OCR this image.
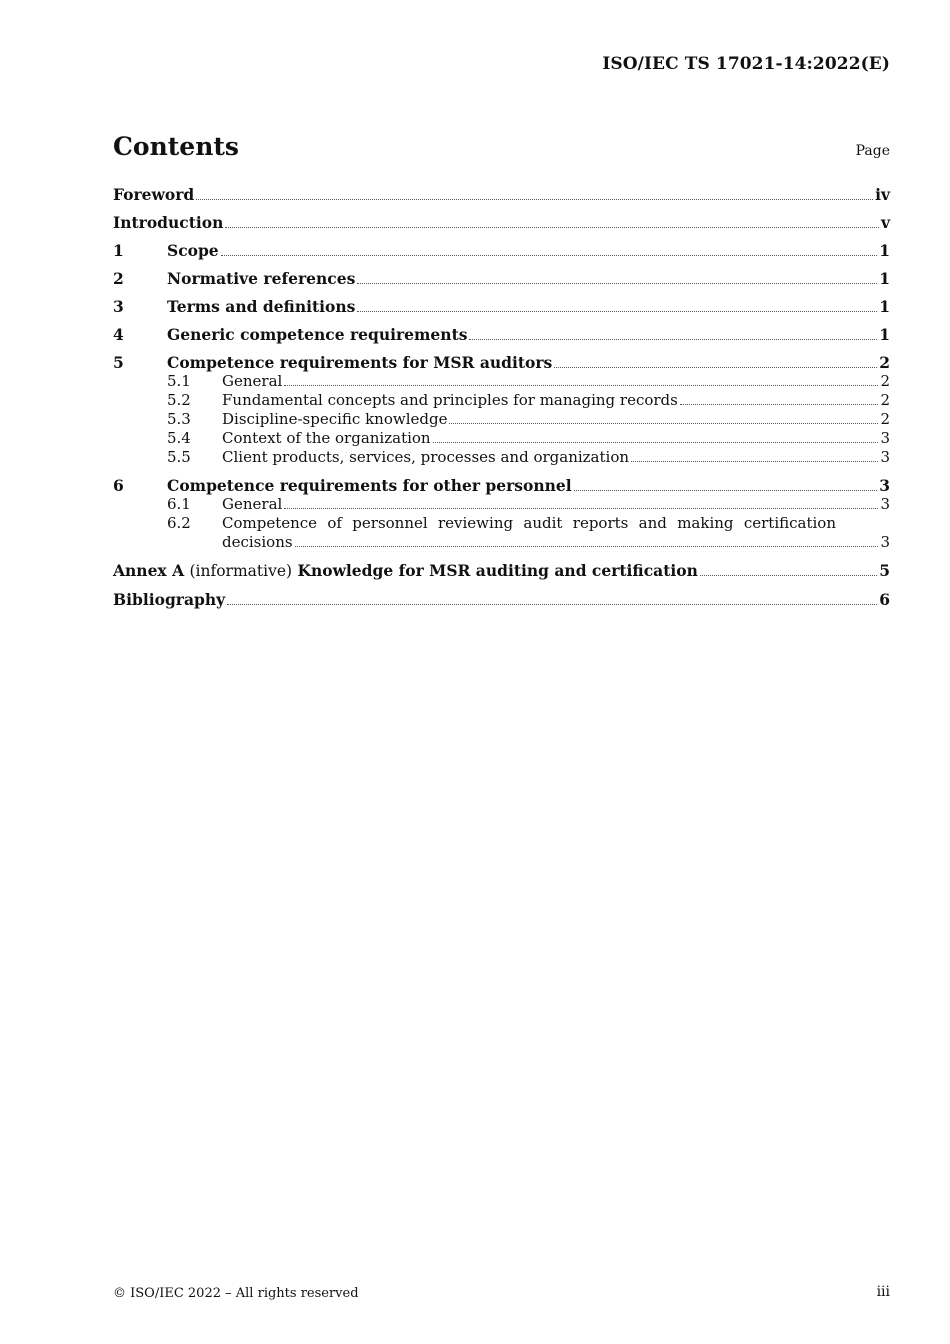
ISO/IEC TS 17021-14:2022(E)
Contents	Page
Foreword	iv
Introduction	v
1	Scope	1
2	Normative references	1
3	Terms and definitions	1
4	Generic competence requirements	1
5	Competence requirements for MSR auditors	2
5.1	General	2
5.2	Fundamental concepts and principles for managing records	2
5.3	Discipline-specific knowledge	2
5.4	Context of the organization	3
5.5	Client products, services, processes and organization	3
6	Competence requirements for other personnel	3
6.1	General	3
6.2	Competence of personnel reviewing audit reports and making certification
decisions	3
Annex A (informative) Knowledge for MSR auditing and certification	5
Bibliography	6
© ISO/IEC 2022 – All rights reserved	iii
